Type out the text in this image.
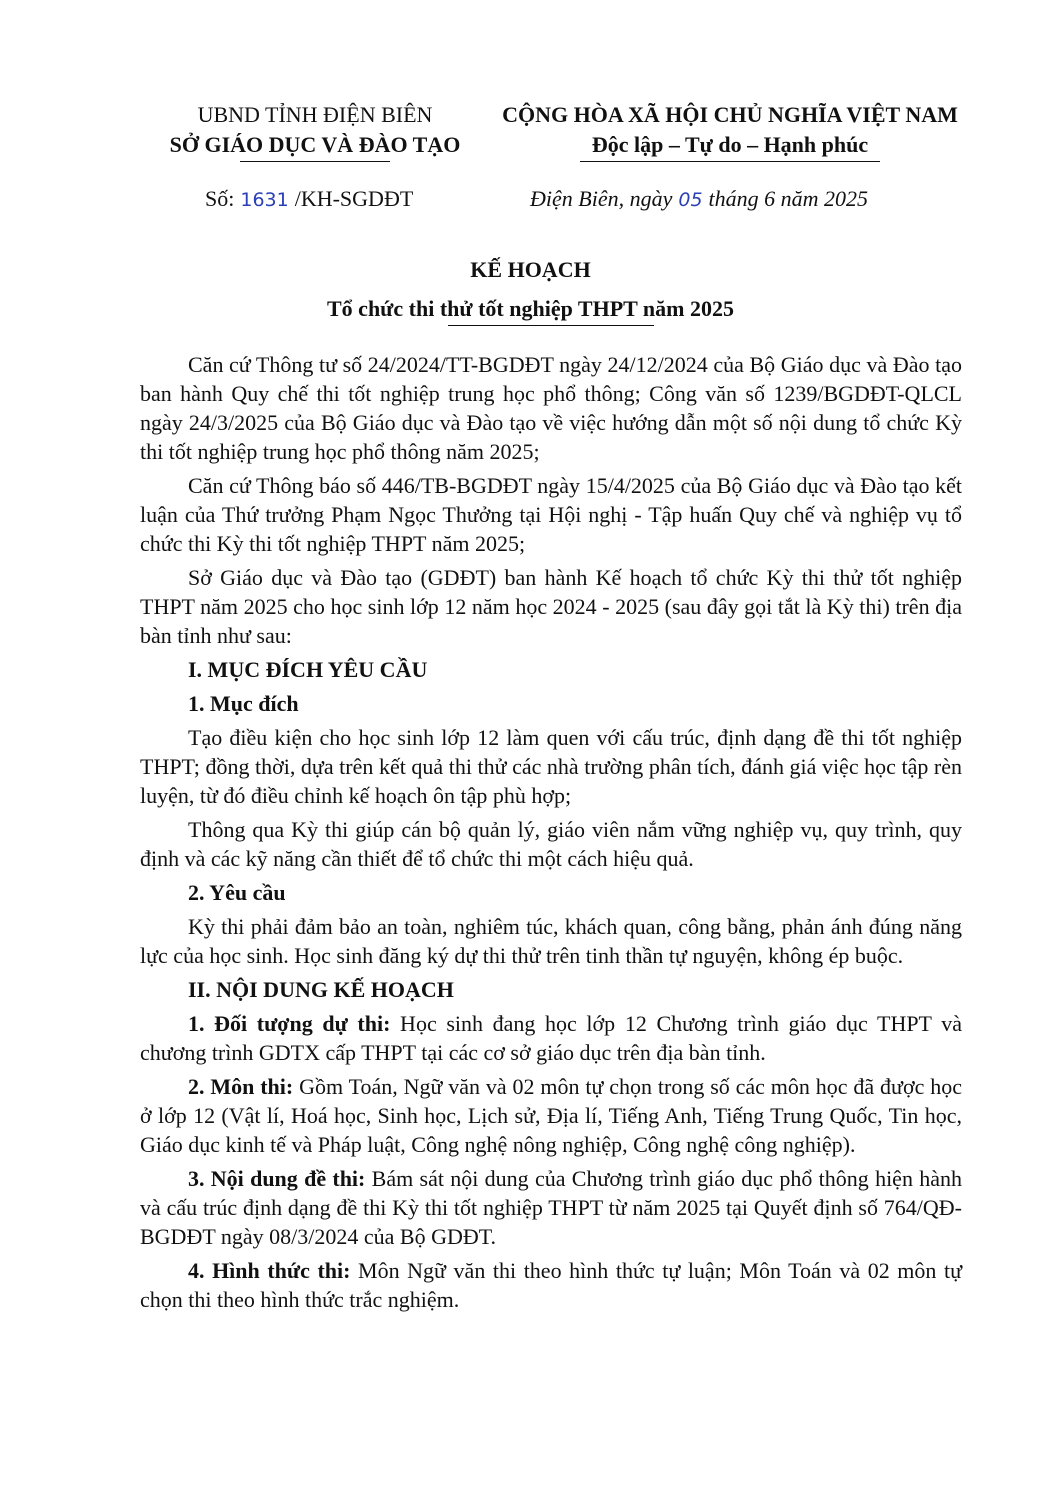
UBND TỈNH ĐIỆN BIÊN
SỞ GIÁO DỤC VÀ ĐÀO TẠO
CỘNG HÒA XÃ HỘI CHỦ NGHĨA VIỆT NAM
Độc lập – Tự do – Hạnh phúc
Số: 1631 /KH-SGDĐT	Điện Biên, ngày 05 tháng 6 năm 2025
KẾ HOẠCH
Tổ chức thi thử tốt nghiệp THPT năm 2025

Căn cứ Thông tư số 24/2024/TT-BGDĐT ngày 24/12/2024 của Bộ Giáo dục và Đào tạo ban hành Quy chế thi tốt nghiệp trung học phổ thông; Công văn số 1239/BGDĐT-QLCL ngày 24/3/2025 của Bộ Giáo dục và Đào tạo về việc hướng dẫn một số nội dung tổ chức Kỳ thi tốt nghiệp trung học phổ thông năm 2025;

Căn cứ Thông báo số 446/TB-BGDĐT ngày 15/4/2025 của Bộ Giáo dục và Đào tạo kết luận của Thứ trưởng Phạm Ngọc Thưởng tại Hội nghị - Tập huấn Quy chế và nghiệp vụ tổ chức thi Kỳ thi tốt nghiệp THPT năm 2025;

Sở Giáo dục và Đào tạo (GDĐT) ban hành Kế hoạch tổ chức Kỳ thi thử tốt nghiệp THPT năm 2025 cho học sinh lớp 12 năm học 2024 - 2025 (sau đây gọi tắt là Kỳ thi) trên địa bàn tỉnh như sau:

I. MỤC ĐÍCH YÊU CẦU
1. Mục đích

Tạo điều kiện cho học sinh lớp 12 làm quen với cấu trúc, định dạng đề thi tốt nghiệp THPT; đồng thời, dựa trên kết quả thi thử các nhà trường phân tích, đánh giá việc học tập rèn luyện, từ đó điều chỉnh kế hoạch ôn tập phù hợp;

Thông qua Kỳ thi giúp cán bộ quản lý, giáo viên nắm vững nghiệp vụ, quy trình, quy định và các kỹ năng cần thiết để tổ chức thi một cách hiệu quả.

2. Yêu cầu

Kỳ thi phải đảm bảo an toàn, nghiêm túc, khách quan, công bằng, phản ánh đúng năng lực của học sinh. Học sinh đăng ký dự thi thử trên tinh thần tự nguyện, không ép buộc.

II. NỘI DUNG KẾ HOẠCH

1. Đối tượng dự thi: Học sinh đang học lớp 12 Chương trình giáo dục THPT và chương trình GDTX cấp THPT tại các cơ sở giáo dục trên địa bàn tỉnh.

2. Môn thi: Gồm Toán, Ngữ văn và 02 môn tự chọn trong số các môn học đã được học ở lớp 12 (Vật lí, Hoá học, Sinh học, Lịch sử, Địa lí, Tiếng Anh, Tiếng Trung Quốc, Tin học, Giáo dục kinh tế và Pháp luật, Công nghệ nông nghiệp, Công nghệ công nghiệp).

3. Nội dung đề thi: Bám sát nội dung của Chương trình giáo dục phổ thông hiện hành và cấu trúc định dạng đề thi Kỳ thi tốt nghiệp THPT từ năm 2025 tại Quyết định số 764/QĐ-BGDĐT ngày 08/3/2024 của Bộ GDĐT.

4. Hình thức thi: Môn Ngữ văn thi theo hình thức tự luận; Môn Toán và 02 môn tự chọn thi theo hình thức trắc nghiệm.
